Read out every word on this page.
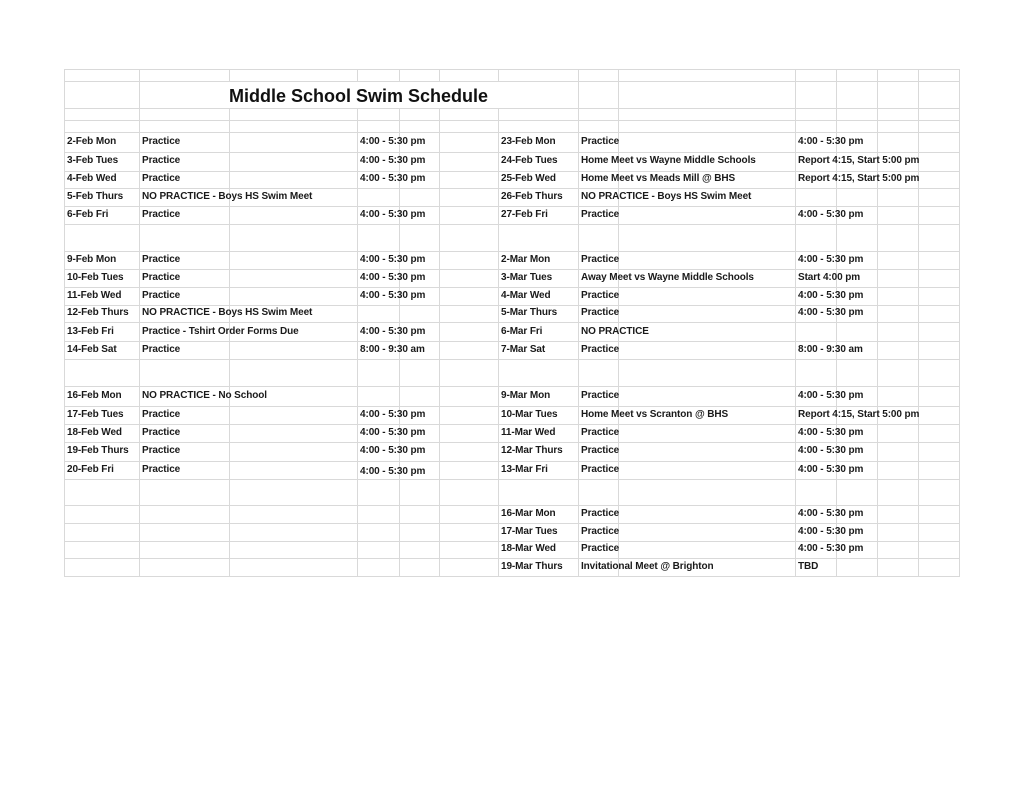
Middle School Swim Schedule
2-Feb Mon	Practice	4:00 - 5:30 pm
3-Feb Tues Practice	4:00 - 5:30 pm
4-Feb Wed	Practice	4:00 - 5:30 pm
5-Feb Thurs NO PRACTICE - Boys HS Swim Meet
6-Feb Fri	Practice	4:00 - 5:30 pm
9-Feb Mon	Practice	4:00 - 5:30 pm
10-Feb Tues Practice	4:00 - 5:30 pm
11-Feb Wed Practice	4:00 - 5:30 pm
12-Feb Thurs NO PRACTICE - Boys HS Swim Meet
13-Feb Fri	Practice - Tshirt Order Forms Due	4:00 - 5:30 pm
14-Feb Sat	Practice	8:00 - 9:30 am
16-Feb Mon NO PRACTICE - No School
17-Feb Tues Practice	4:00 - 5:30 pm
18-Feb Wed Practice	4:00 - 5:30 pm
19-Feb Thurs Practice	4:00 - 5:30 pm
20-Feb Fri	Practice	4:00 - 5:30 pm
23-Feb Mon	Practice	4:00 - 5:30 pm
24-Feb Tues Home Meet vs Wayne Middle Schools	Report 4:15, Start 5:00 pm
25-Feb Wed	Home Meet vs Meads Mill @ BHS	Report 4:15, Start 5:00 pm
26-Feb Thurs NO PRACTICE - Boys HS Swim Meet
27-Feb Fri	Practice	4:00 - 5:30 pm
2-Mar Mon	Practice	4:00 - 5:30 pm
3-Mar Tues	Away Meet vs Wayne Middle Schools	Start 4:00 pm
4-Mar Wed	Practice	4:00 - 5:30 pm
5-Mar Thurs Practice	4:00 - 5:30 pm
6-Mar Fri	NO PRACTICE
7-Mar Sat	Practice	8:00 - 9:30 am
9-Mar Mon	Practice	4:00 - 5:30 pm
10-Mar Tues Home Meet vs Scranton @ BHS	Report 4:15, Start 5:00 pm
11-Mar Wed	Practice	4:00 - 5:30 pm
12-Mar Thurs Practice	4:00 - 5:30 pm
13-Mar Fri	Practice	4:00 - 5:30 pm
16-Mar Mon	Practice	4:00 - 5:30 pm
17-Mar Tues Practice	4:00 - 5:30 pm
18-Mar Wed	Practice	4:00 - 5:30 pm
19-Mar Thurs Invitational Meet @ Brighton	TBD
